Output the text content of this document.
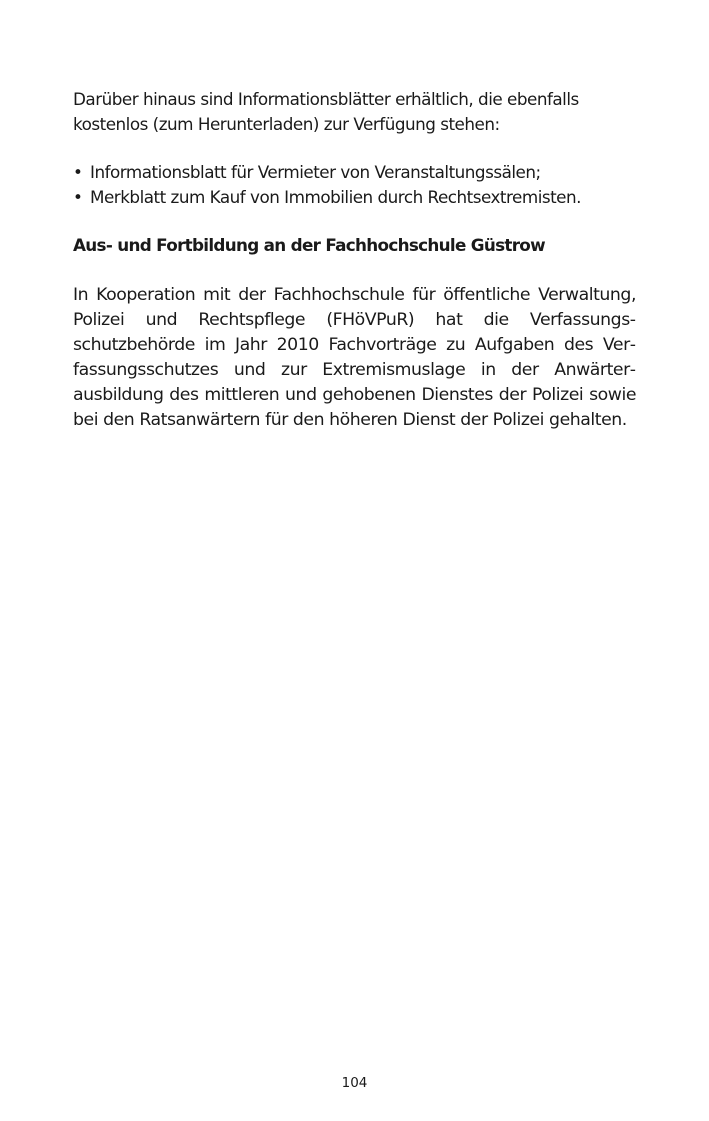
Darüber hinaus sind Informationsblätter erhältlich, die ebenfalls kostenlos (zum Herunterladen) zur Verfügung stehen:

• Informationsblatt für Vermieter von Veranstaltungssälen;
• Merkblatt zum Kauf von Immobilien durch Rechtsextremisten.
Aus- und Fortbildung an der Fachhochschule Güstrow

In Kooperation mit der Fachhochschule für öffentliche Verwaltung, Polizei und Rechtspflege (FHöVPuR) hat die Verfassungsschutzbehörde im Jahr 2010 Fachvorträge zu Aufgaben des Verfassungsschutzes und zur Extremismuslage in der Anwärterausbildung des mittleren und gehobenen Dienstes der Polizei sowie bei den Ratsanwärtern für den höheren Dienst der Polizei gehalten.

104
